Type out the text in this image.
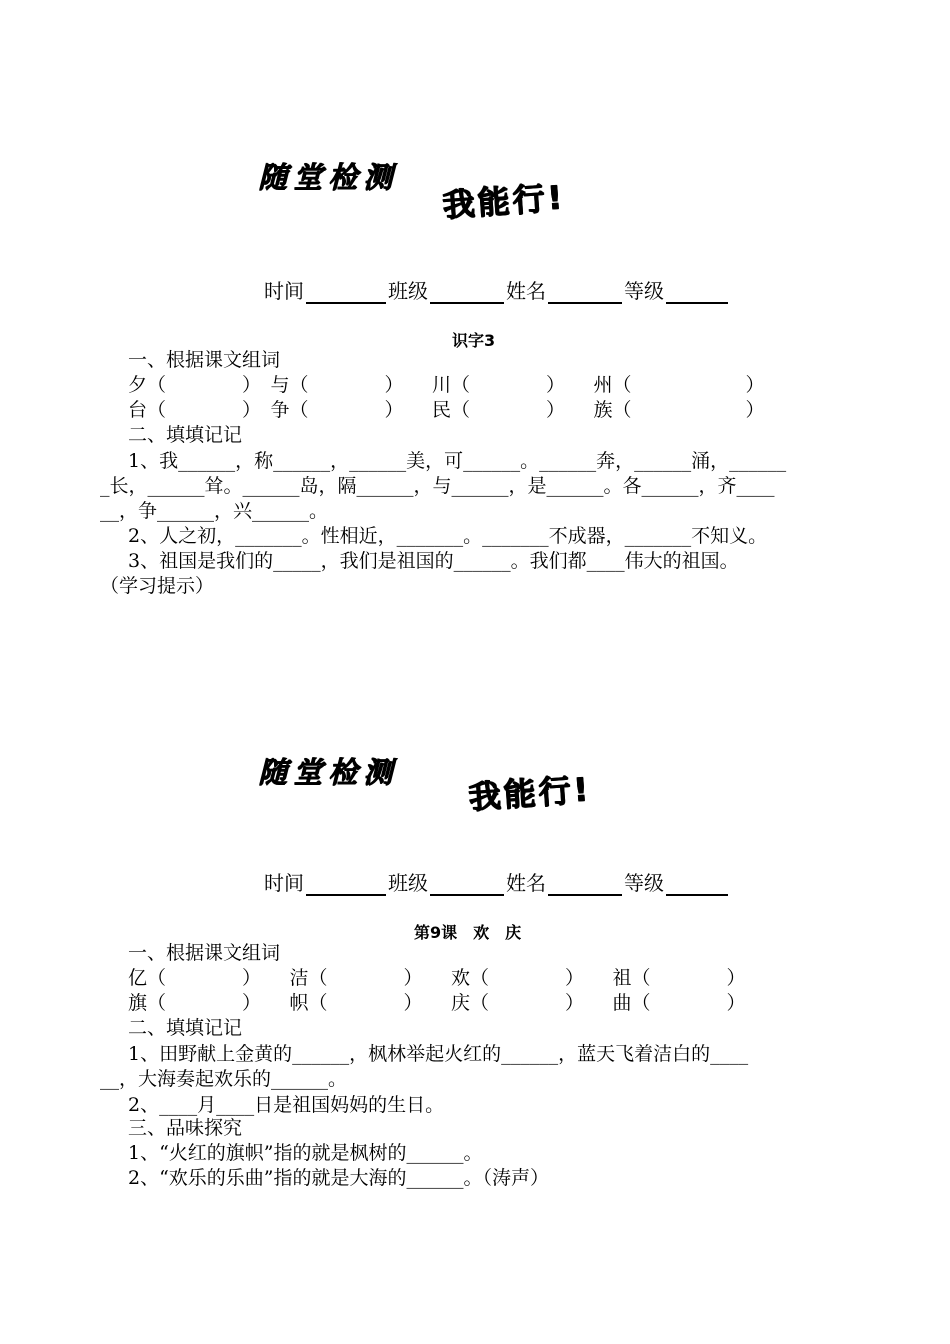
随堂检测
我能行!
时间	班级	姓名	等级
识字3
一、根据课文组词
夕（　　　　）　与（　　　　）　　川（　　　　）　　州（　　　　　　）
台（　　　　）　争（　　　　）　　民（　　　　）　　族（　　　　　　）
二、填填记记
1、我______，称______，______美，可______。______奔，______涌，______
_长，______耸。______岛，隔______，与______，是______。各______，齐____
__，争______，兴______。
2、人之初，_______。性相近，_______。_______不成器，_______不知义。
3、祖国是我们的_____，我们是祖国的______。我们都____伟大的祖国。
（学习提示）
随堂检测 我能行!
时间	班级	姓名	等级
第9课　欢　庆
一、根据课文组词
亿（　　　　）　　洁（　　　　）　　欢（　　　　）　　祖（　　　　）
旗（　　　　）　　帜（　　　　）　　庆（　　　　）　　曲（　　　　）
二、填填记记
1、田野献上金黄的______，枫林举起火红的______，蓝天飞着洁白的____
__，大海奏起欢乐的______。
2、____月____日是祖国妈妈的生日。
三、品味探究
1、“火红的旗帜”指的就是枫树的______。
2、“欢乐的乐曲”指的就是大海的______。（涛声）
